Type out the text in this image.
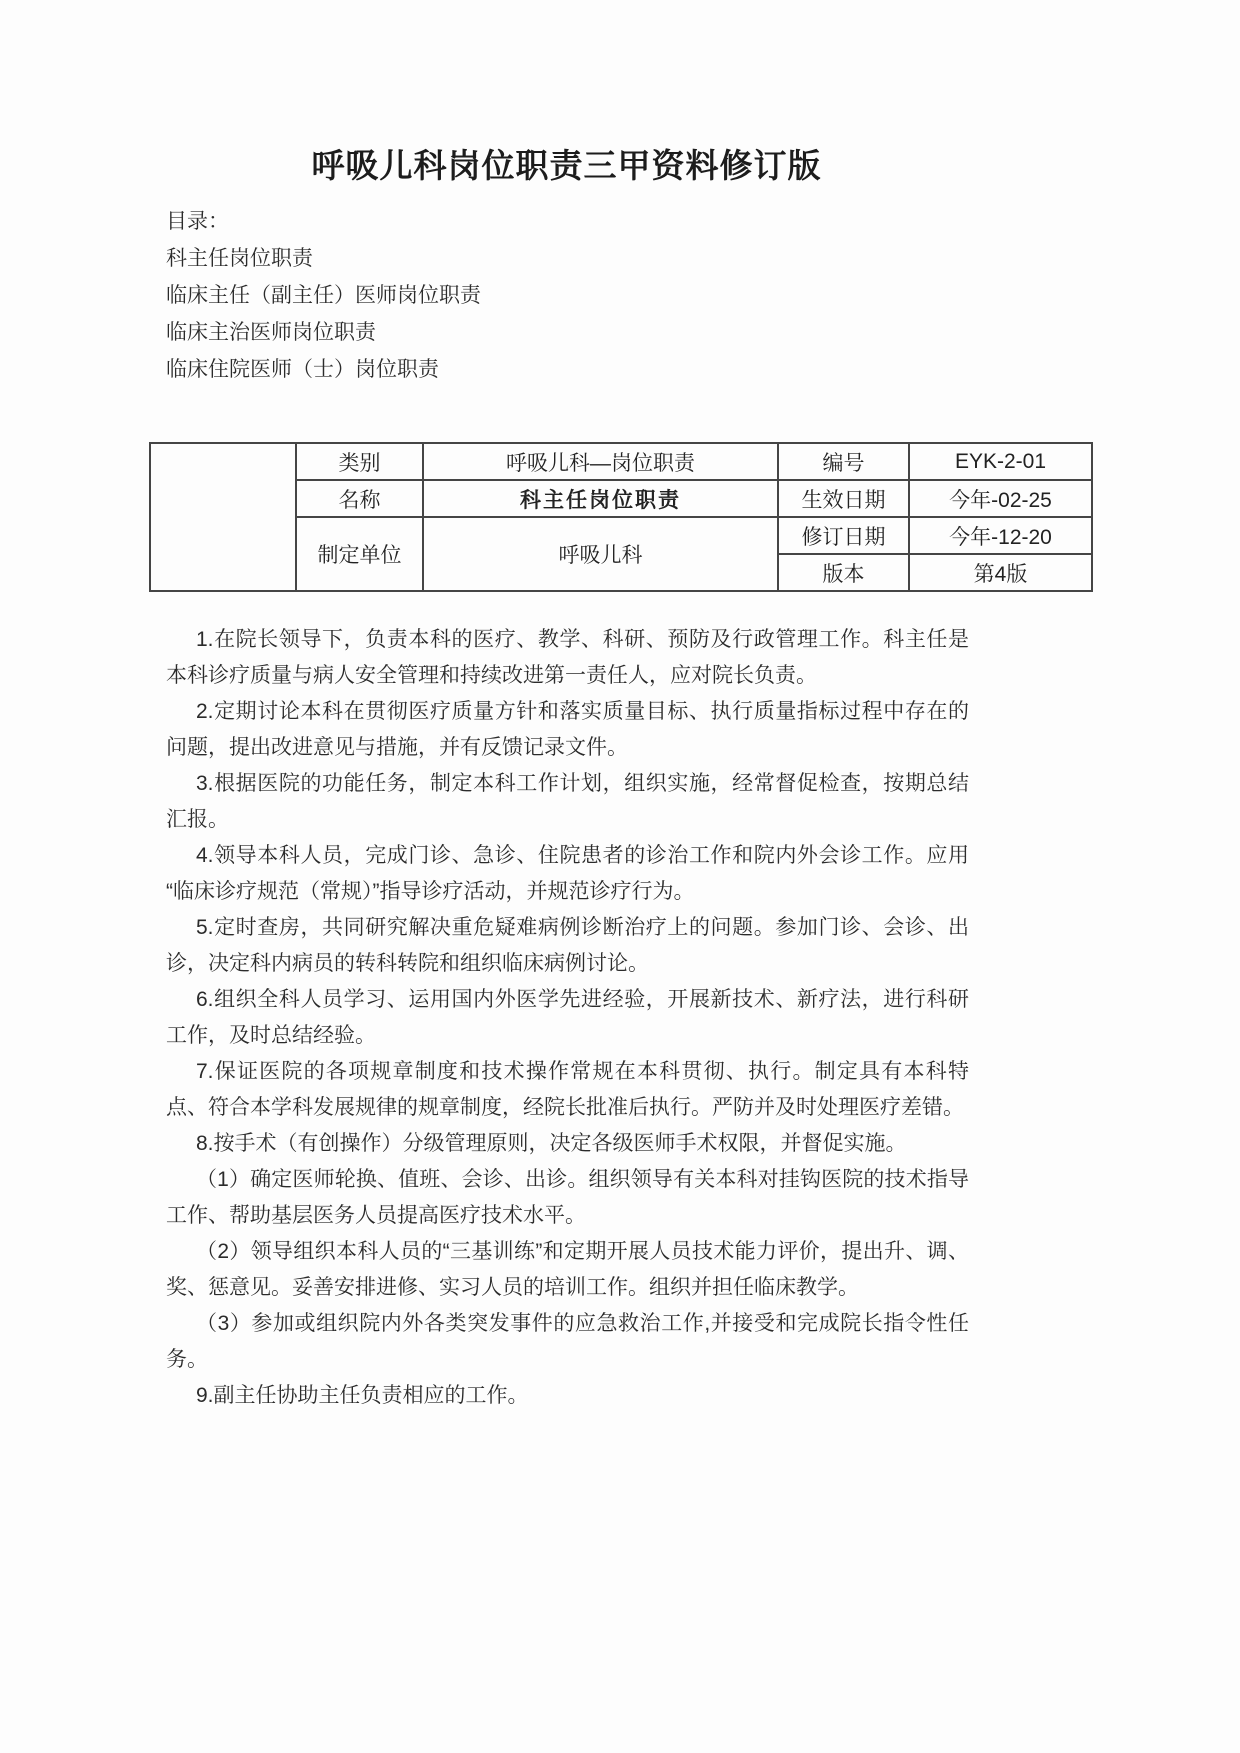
呼吸儿科岗位职责三甲资料修订版
目录：
科主任岗位职责
临床主任（副主任）医师岗位职责
临床主治医师岗位职责
临床住院医师（士）岗位职责
	类别	呼吸儿科—岗位职责	编号	EYK-2-01
	名称	科主任岗位职责	生效日期	今年-02-25
	制定单位	呼吸儿科	修订日期	今年-12-20
			版本	第4版

1.在院长领导下，负责本科的医疗、教学、科研、预防及行政管理工作。科主任是本科诊疗质量与病人安全管理和持续改进第一责任人，应对院长负责。

2.定期讨论本科在贯彻医疗质量方针和落实质量目标、执行质量指标过程中存在的问题，提出改进意见与措施，并有反馈记录文件。

3.根据医院的功能任务，制定本科工作计划，组织实施，经常督促检查，按期总结汇报。

4.领导本科人员，完成门诊、急诊、住院患者的诊治工作和院内外会诊工作。应用“临床诊疗规范（常规）”指导诊疗活动，并规范诊疗行为。

5.定时查房，共同研究解决重危疑难病例诊断治疗上的问题。参加门诊、会诊、出诊，决定科内病员的转科转院和组织临床病例讨论。

6.组织全科人员学习、运用国内外医学先进经验，开展新技术、新疗法，进行科研工作，及时总结经验。

7.保证医院的各项规章制度和技术操作常规在本科贯彻、执行。制定具有本科特点、符合本学科发展规律的规章制度，经院长批准后执行。严防并及时处理医疗差错。

8.按手术（有创操作）分级管理原则，决定各级医师手术权限，并督促实施。

（1）确定医师轮换、值班、会诊、出诊。组织领导有关本科对挂钩医院的技术指导工作、帮助基层医务人员提高医疗技术水平。

（2）领导组织本科人员的“三基训练”和定期开展人员技术能力评价，提出升、调、奖、惩意见。妥善安排进修、实习人员的培训工作。组织并担任临床教学。

（3）参加或组织院内外各类突发事件的应急救治工作,并接受和完成院长指令性任务。

9.副主任协助主任负责相应的工作。
